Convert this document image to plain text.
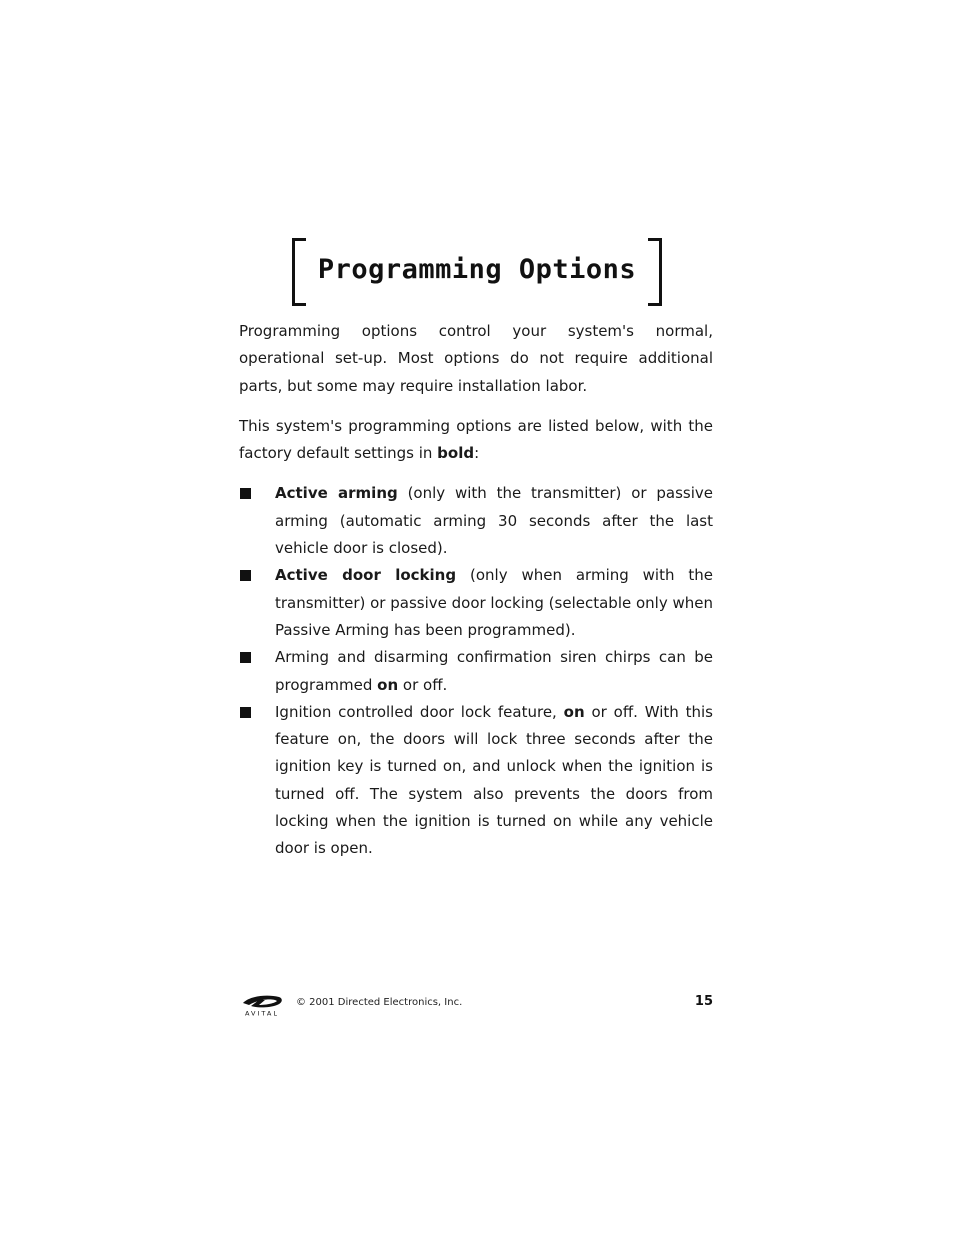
Programming Options

Programming options control your system's normal, operational set-up. Most options do not require additional parts, but some may require installation labor.

This system's programming options are listed below, with the factory default settings in bold:

Active arming (only with the transmitter) or passive arming (automatic arming 30 seconds after the last vehicle door is closed).
Active door locking (only when arming with the transmitter) or passive door locking (selectable only when Passive Arming has been programmed).
Arming and disarming confirmation siren chirps can be programmed on or off.
Ignition controlled door lock feature, on or off. With this feature on, the doors will lock three seconds after the ignition key is turned on, and unlock when the ignition is turned off. The system also prevents the doors from locking when the ignition is turned on while any vehicle door is open.
AVITAL
© 2001 Directed Electronics, Inc.	15
